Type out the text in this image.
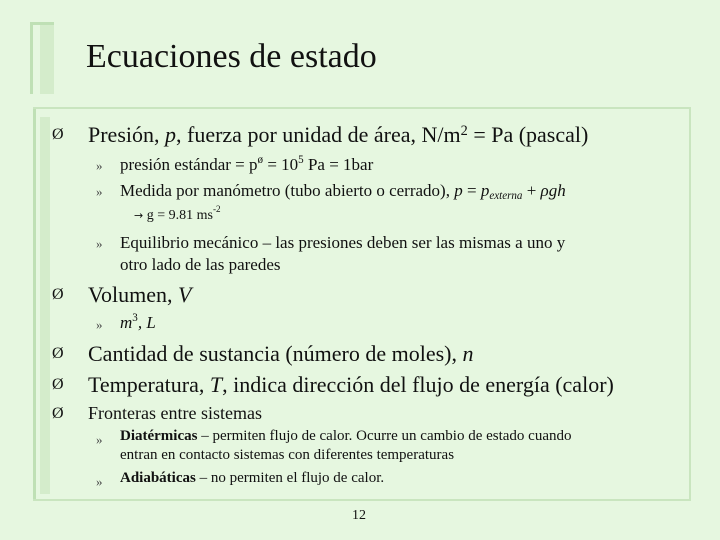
Ecuaciones de estado
Ø Presión, p, fuerza por unidad de área, $N/m^2 = Pa$ (pascal)
» presión estándar = $p^ø = 10^5$ Pa = 1bar
» Medida por manómetro (tubo abierto o cerrado), $p = p_{externa} + \rho gh$
→ g = 9.81 $ms^{-2}$
» Equilibrio mecánico – las presiones deben ser las mismas a uno y
otro lado de las paredes
Ø Volumen, V
» $m^3$, L
Ø Cantidad de sustancia (número de moles), n
Ø Temperatura, T, indica dirección del flujo de energía (calor)
Ø Fronteras entre sistemas
» Diatérmicas – permiten flujo de calor. Ocurre un cambio de estado cuando
entran en contacto sistemas con diferentes temperaturas
» Adiabáticas – no permiten el flujo de calor.
12
